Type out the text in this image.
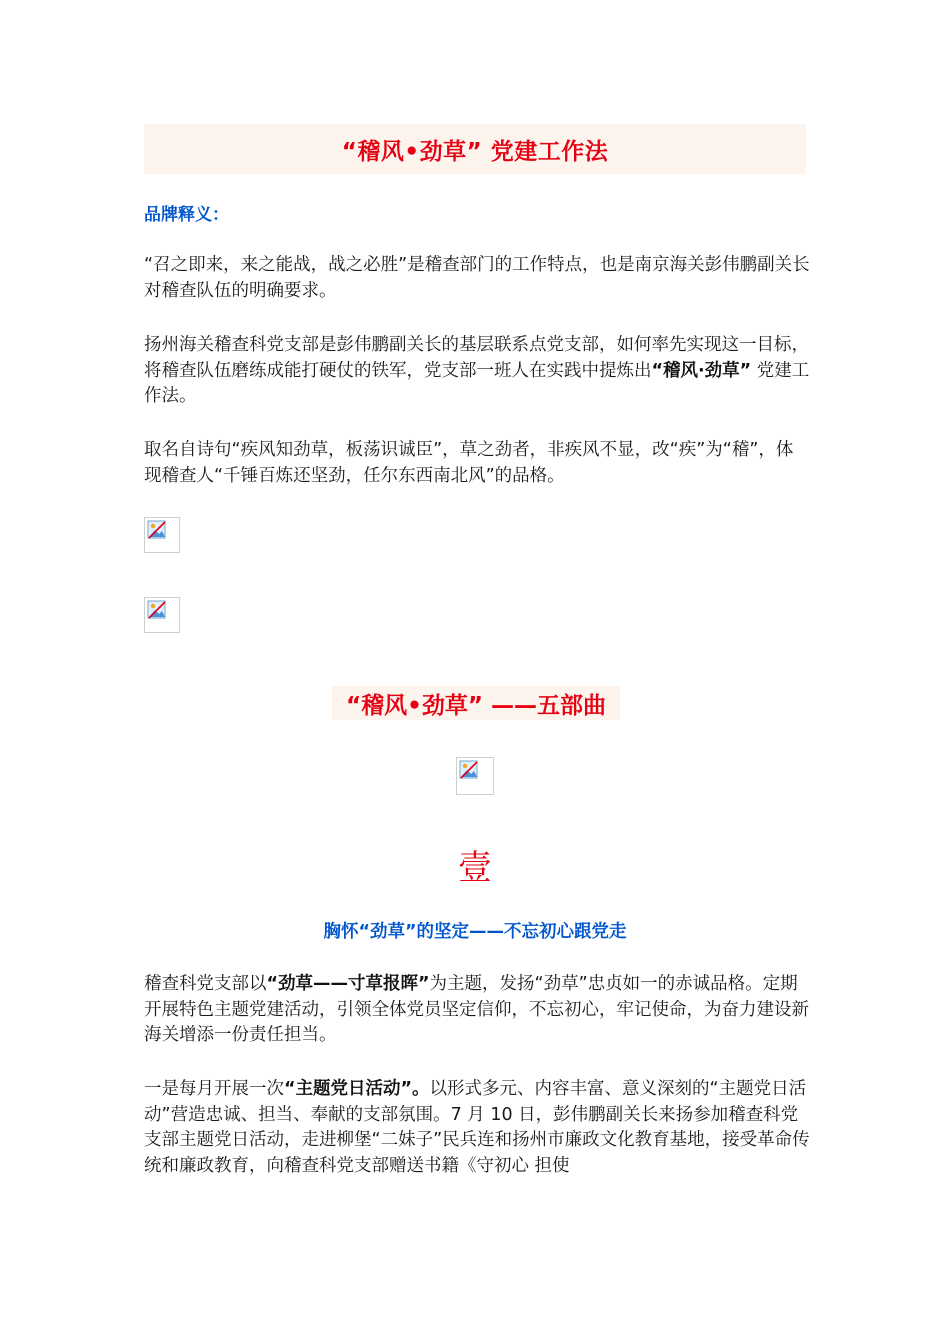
“稽风•劲草” 党建工作法
品牌释义：
“召之即来，来之能战，战之必胜”是稽查部门的工作特点，也是南京海关彭伟鹏副关长对稽查队伍的明确要求。
扬州海关稽查科党支部是彭伟鹏副关长的基层联系点党支部，如何率先实现这一目标，将稽查队伍磨练成能打硬仗的铁军，党支部一班人在实践中提炼出“稽风·劲草” 党建工作法。
取名自诗句“疾风知劲草，板荡识诚臣”，草之劲者，非疾风不显，改“疾”为“稽”，体现稽查人“千锤百炼还坚劲，任尔东西南北风”的品格。
“稽风•劲草” ——五部曲
壹
胸怀“劲草”的坚定——不忘初心跟党走
稽查科党支部以“劲草——寸草报晖”为主题，发扬“劲草”忠贞如一的赤诚品格。定期开展特色主题党建活动，引领全体党员坚定信仰，不忘初心，牢记使命，为奋力建设新海关增添一份责任担当。
一是每月开展一次“主题党日活动”。以形式多元、内容丰富、意义深刻的“主题党日活动”营造忠诚、担当、奉献的支部氛围。7 月 10 日，彭伟鹏副关长来扬参加稽查科党支部主题党日活动，走进柳堡“二妹子”民兵连和扬州市廉政文化教育基地，接受革命传统和廉政教育，向稽查科党支部赠送书籍《守初心 担使
